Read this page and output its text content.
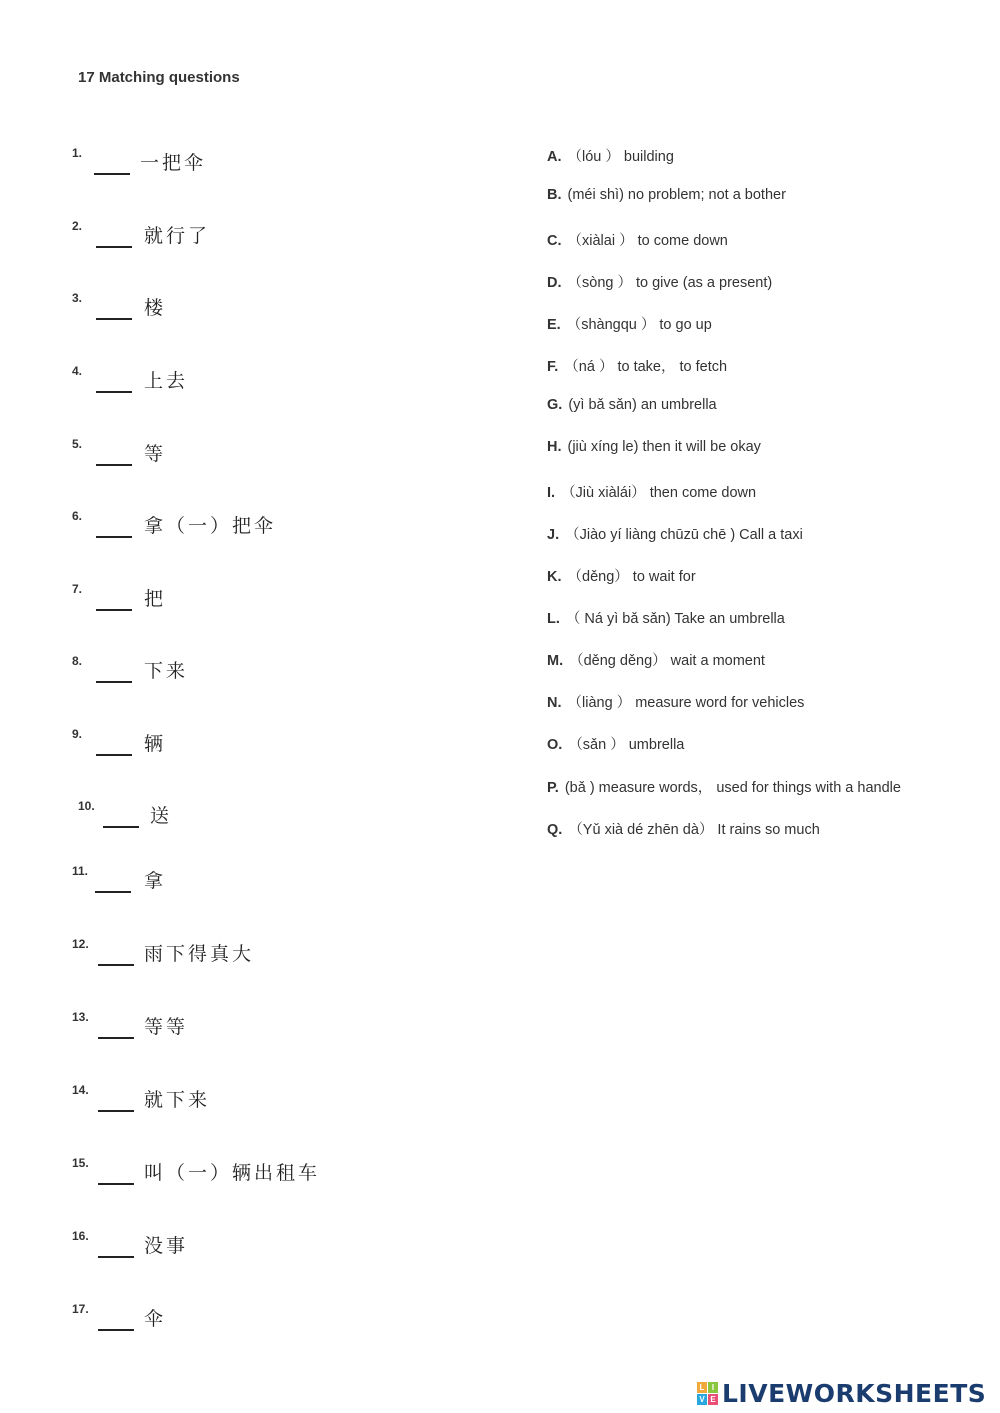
17 Matching questions
1.	一把伞
2.	就行了
3.	楼
4.	上去
5.	等
6.	拿（一）把伞
7.	把
8.	下来
9.	辆
10.	送
11.	拿
12.	雨下得真大
13.	等等
14.	就下来
15.	叫（一）辆出租车
16.	没事
17.	伞
A. （lóu ） building
B. (méi shì) no problem; not a bother
C. （xiàlai ） to come down
D. （sòng ） to give (as a present)
E. （shàngqu ） to go up
F. （ná ） to take， to fetch
G. (yì bǎ sǎn) an umbrella
H. (jiù xíng le) then it will be okay
I. （Jiù xiàlái） then come down
J. （Jiào yí liàng chūzū chē ) Call a taxi
K. （děng） to wait for
L. （ Ná yì bǎ sǎn) Take an umbrella
M. （děng děng） wait a moment
N. （liàng ） measure word for vehicles
O. （sǎn ） umbrella
P. (bǎ ) measure words， used for things with a handle
Q. （Yǔ xià dé zhēn dà） It rains so much
L I
V E LIVEWORKSHEETS
